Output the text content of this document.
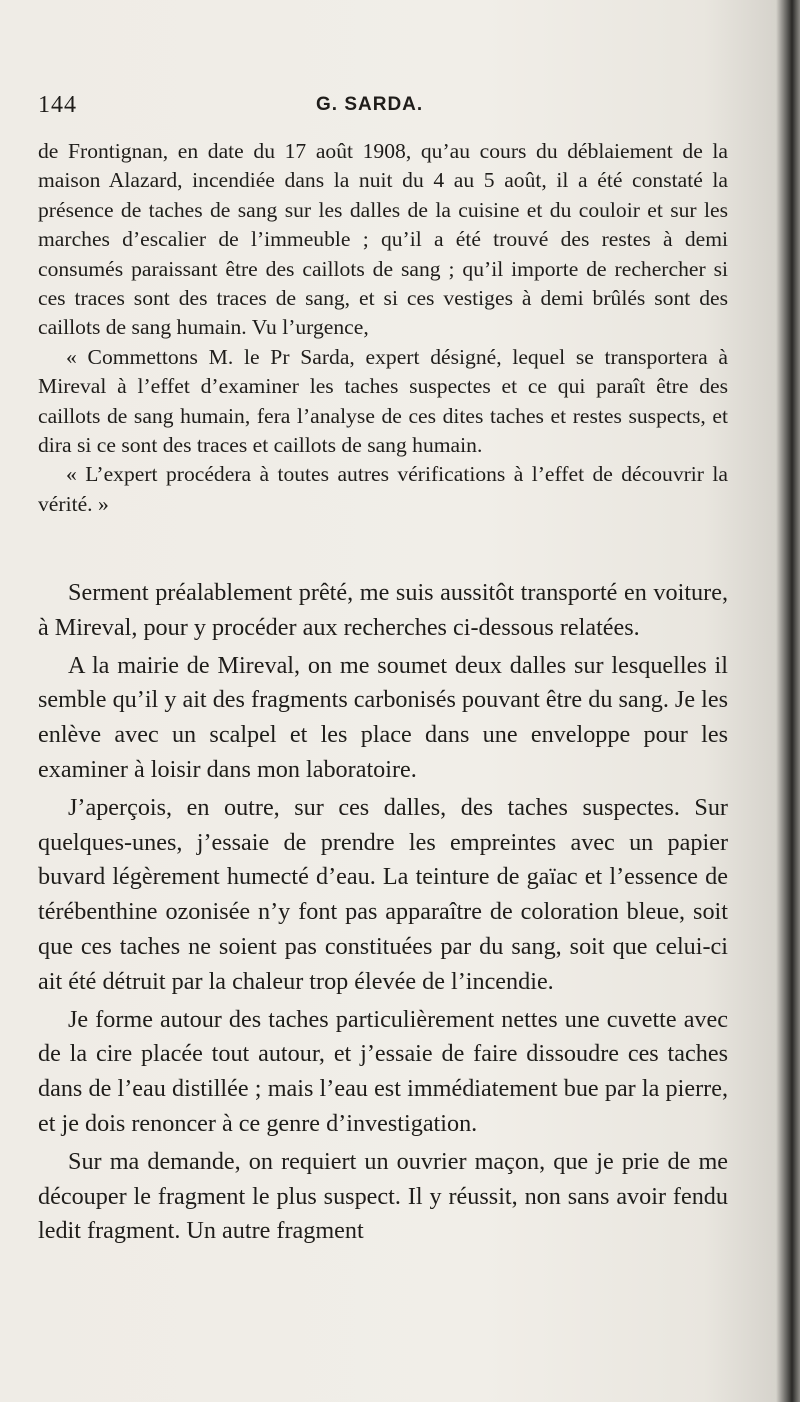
144	G. SARDA.

de Frontignan, en date du 17 août 1908, qu’au cours du déblaiement de la maison Alazard, incendiée dans la nuit du 4 au 5 août, il a été constaté la présence de taches de sang sur les dalles de la cuisine et du couloir et sur les marches d’escalier de l’immeuble ; qu’il a été trouvé des restes à demi consumés paraissant être des caillots de sang ; qu’il importe de rechercher si ces traces sont des traces de sang, et si ces vestiges à demi brûlés sont des caillots de sang humain. Vu l’urgence,

« Commettons M. le Pr Sarda, expert désigné, lequel se transportera à Mireval à l’effet d’examiner les taches suspectes et ce qui paraît être des caillots de sang humain, fera l’analyse de ces dites taches et restes suspects, et dira si ce sont des traces et caillots de sang humain.

« L’expert procédera à toutes autres vérifications à l’effet de découvrir la vérité. »

Serment préalablement prêté, me suis aussitôt transporté en voiture, à Mireval, pour y procéder aux recherches ci-dessous relatées.

A la mairie de Mireval, on me soumet deux dalles sur lesquelles il semble qu’il y ait des fragments carbonisés pouvant être du sang. Je les enlève avec un scalpel et les place dans une enveloppe pour les examiner à loisir dans mon laboratoire.

J’aperçois, en outre, sur ces dalles, des taches suspectes. Sur quelques-unes, j’essaie de prendre les empreintes avec un papier buvard légèrement humecté d’eau. La teinture de gaïac et l’essence de térébenthine ozonisée n’y font pas apparaître de coloration bleue, soit que ces taches ne soient pas constituées par du sang, soit que celui-ci ait été détruit par la chaleur trop élevée de l’incendie.

Je forme autour des taches particulièrement nettes une cuvette avec de la cire placée tout autour, et j’essaie de faire dissoudre ces taches dans de l’eau distillée ; mais l’eau est immédiatement bue par la pierre, et je dois renoncer à ce genre d’investigation.

Sur ma demande, on requiert un ouvrier maçon, que je prie de me découper le fragment le plus suspect. Il y réussit, non sans avoir fendu ledit fragment. Un autre fragment
